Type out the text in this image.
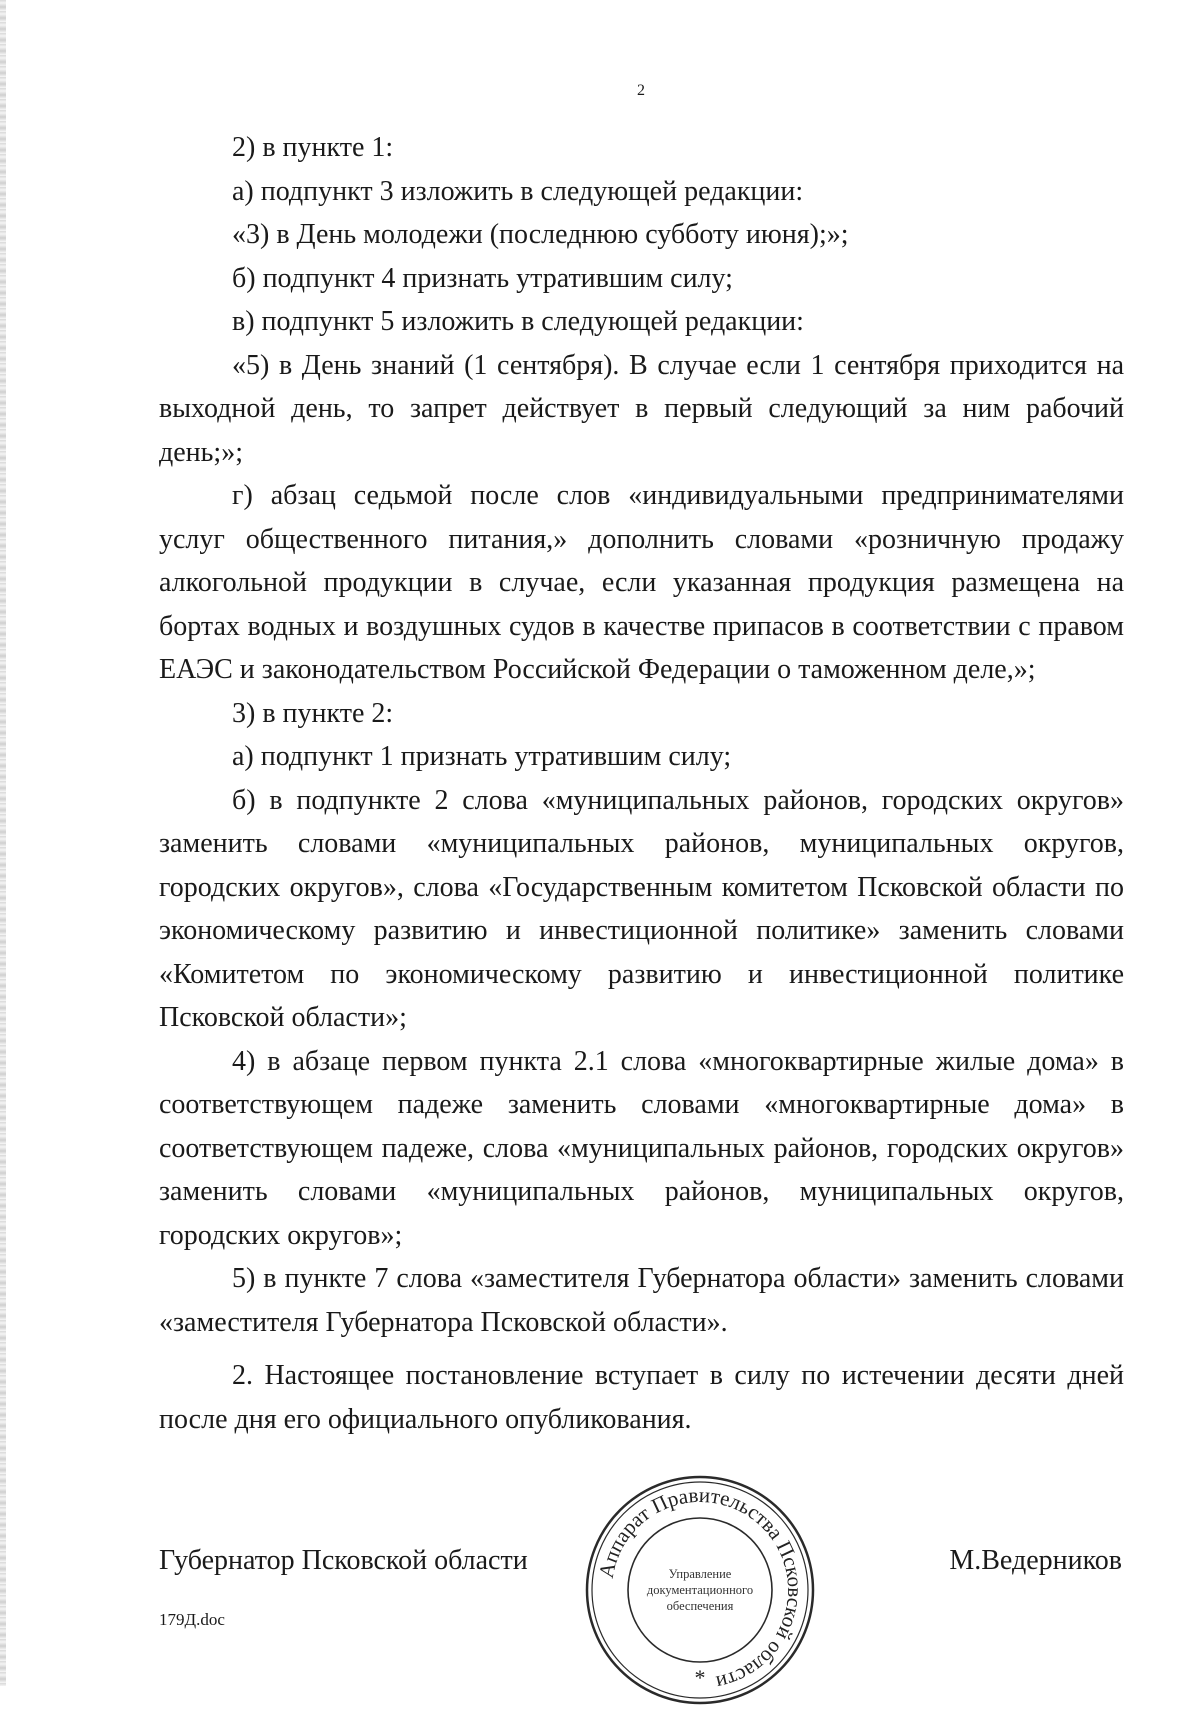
2

2) в пункте 1:

а) подпункт 3 изложить в следующей редакции:

«3) в День молодежи (последнюю субботу июня);»;

б) подпункт 4 признать утратившим силу;

в) подпункт 5 изложить в следующей редакции:

«5) в День знаний (1 сентября). В случае если 1 сентября приходится на выходной день, то запрет действует в первый следующий за ним рабочий день;»;

г) абзац седьмой после слов «индивидуальными предпринимателями услуг общественного питания,» дополнить словами «розничную продажу алкогольной продукции в случае, если указанная продукция размещена на бортах водных и воздушных судов в качестве припасов в соответствии с правом ЕАЭС и законодательством Российской Федерации о таможенном деле,»;

3) в пункте 2:

а) подпункт 1 признать утратившим силу;

б) в подпункте 2 слова «муниципальных районов, городских округов» заменить словами «муниципальных районов, муниципальных округов, городских округов», слова «Государственным комитетом Псковской области по экономическому развитию и инвестиционной политике» заменить словами «Комитетом по экономическому развитию и инвестиционной политике Псковской области»;

4) в абзаце первом пункта 2.1 слова «многоквартирные жилые дома» в соответствующем падеже заменить словами «многоквартирные дома» в соответствующем падеже, слова «муниципальных районов, городских округов» заменить словами «муниципальных районов, муниципальных округов, городских округов»;

5) в пункте 7 слова «заместителя Губернатора области» заменить словами «заместителя Губернатора Псковской области».

2. Настоящее постановление вступает в силу по истечении десяти дней после дня его официального опубликования.

Губернатор Псковской области	М.Ведерников
179Д.doc
Аппарат Правительства Псковской области
*
Управление
документационного
обеспечения
